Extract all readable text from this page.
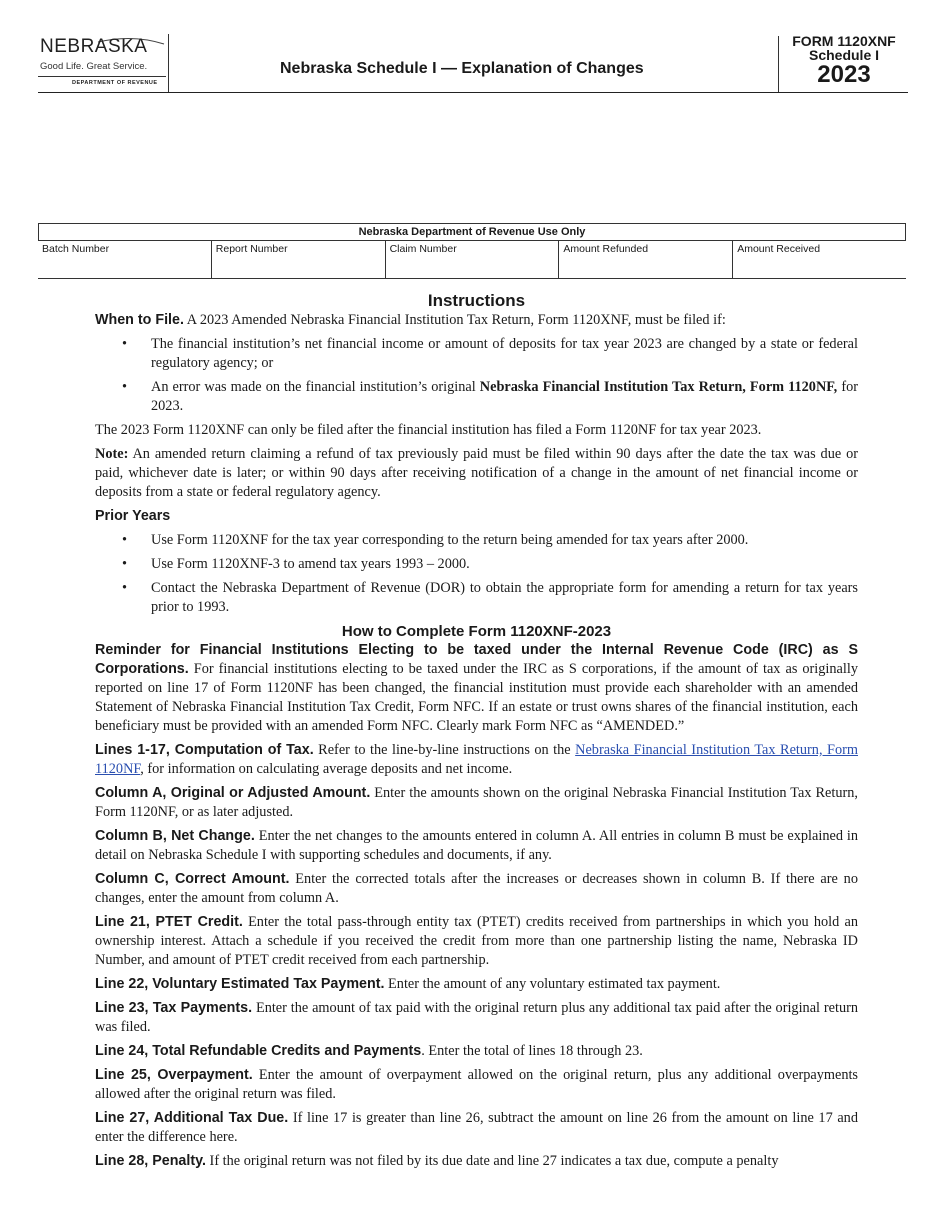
NEBRASKA
Good Life. Great Service.
DEPARTMENT OF REVENUE
Nebraska Schedule I — Explanation of Changes
FORM 1120XNF
Schedule I
2023
Nebraska Department of Revenue Use Only
Batch Number	Report Number	Claim Number	Amount Refunded	Amount Received
Instructions

When to File. A 2023 Amended Nebraska Financial Institution Tax Return, Form 1120XNF, must be filed if:

• The financial institution’s net financial income or amount of deposits for tax year 2023 are changed by a state or federal regulatory agency; or
• An error was made on the financial institution’s original Nebraska Financial Institution Tax Return, Form 1120NF, for 2023.

The 2023 Form 1120XNF can only be filed after the financial institution has filed a Form 1120NF for tax year 2023.

Note: An amended return claiming a refund of tax previously paid must be filed within 90 days after the date the tax was due or paid, whichever date is later; or within 90 days after receiving notification of a change in the amount of net financial income or deposits from a state or federal regulatory agency.

Prior Years
• Use Form 1120XNF for the tax year corresponding to the return being amended for tax years after 2000.
• Use Form 1120XNF-3 to amend tax years 1993 – 2000.
• Contact the Nebraska Department of Revenue (DOR) to obtain the appropriate form for amending a return for tax years prior to 1993.
How to Complete Form 1120XNF-2023

Reminder for Financial Institutions Electing to be taxed under the Internal Revenue Code (IRC) as S Corporations. For financial institutions electing to be taxed under the IRC as S corporations, if the amount of tax as originally reported on line 17 of Form 1120NF has been changed, the financial institution must provide each shareholder with an amended Statement of Nebraska Financial Institution Tax Credit, Form NFC. If an estate or trust owns shares of the financial institution, each beneficiary must be provided with an amended Form NFC. Clearly mark Form NFC as “AMENDED.”

Lines 1-17, Computation of Tax. Refer to the line-by-line instructions on the Nebraska Financial Institution Tax Return, Form 1120NF, for information on calculating average deposits and net income.

Column A, Original or Adjusted Amount. Enter the amounts shown on the original Nebraska Financial Institution Tax Return, Form 1120NF, or as later adjusted.

Column B, Net Change. Enter the net changes to the amounts entered in column A. All entries in column B must be explained in detail on Nebraska Schedule I with supporting schedules and documents, if any.

Column C, Correct Amount. Enter the corrected totals after the increases or decreases shown in column B. If there are no changes, enter the amount from column A.

Line 21, PTET Credit. Enter the total pass-through entity tax (PTET) credits received from partnerships in which you hold an ownership interest. Attach a schedule if you received the credit from more than one partnership listing the name, Nebraska ID Number, and amount of PTET credit received from each partnership.

Line 22, Voluntary Estimated Tax Payment. Enter the amount of any voluntary estimated tax payment.

Line 23, Tax Payments. Enter the amount of tax paid with the original return plus any additional tax paid after the original return was filed.

Line 24, Total Refundable Credits and Payments. Enter the total of lines 18 through 23.

Line 25, Overpayment. Enter the amount of overpayment allowed on the original return, plus any additional overpayments allowed after the original return was filed.

Line 27, Additional Tax Due. If line 17 is greater than line 26, subtract the amount on line 26 from the amount on line 17 and enter the difference here.

Line 28, Penalty. If the original return was not filed by its due date and line 27 indicates a tax due, compute a penalty
